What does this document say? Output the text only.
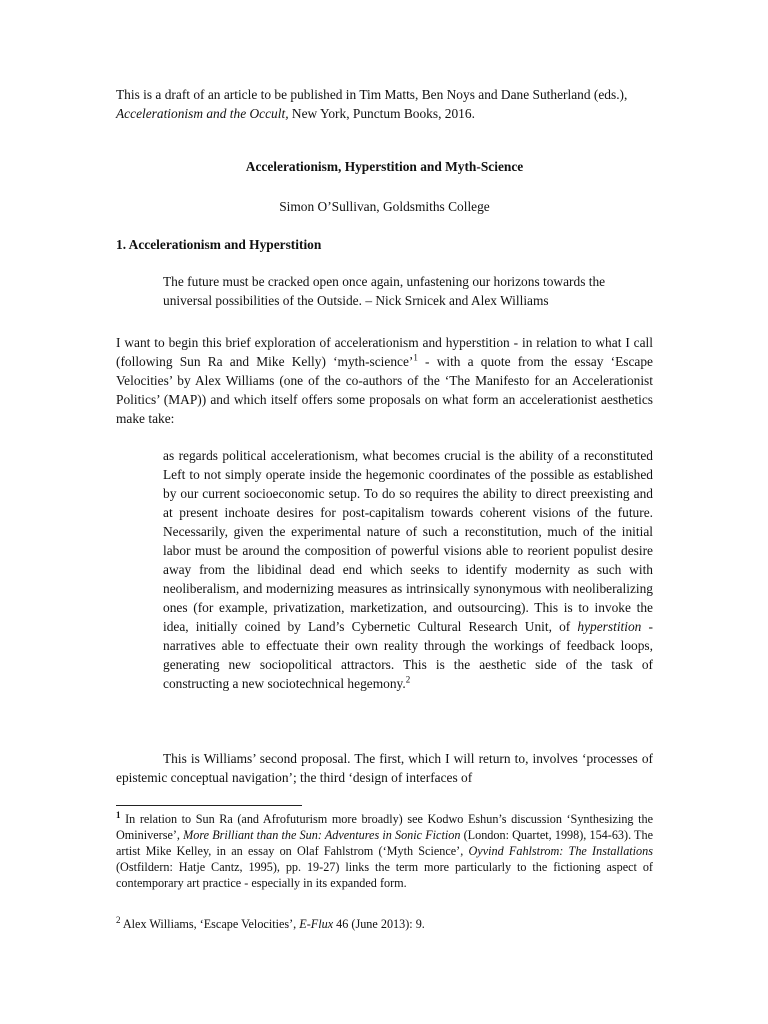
This is a draft of an article to be published in Tim Matts, Ben Noys and Dane Sutherland (eds.), Accelerationism and the Occult, New York, Punctum Books, 2016.
Accelerationism, Hyperstition and Myth-Science
Simon O’Sullivan, Goldsmiths College
1. Accelerationism and Hyperstition
The future must be cracked open once again, unfastening our horizons towards the universal possibilities of the Outside. – Nick Srnicek and Alex Williams
I want to begin this brief exploration of accelerationism and hyperstition - in relation to what I call (following Sun Ra and Mike Kelly) ‘myth-science’$^1$ - with a quote from the essay ‘Escape Velocities’ by Alex Williams (one of the co-authors of the ‘The Manifesto for an Accelerationist Politics’ (MAP)) and which itself offers some proposals on what form an accelerationist aesthetics make take:
as regards political accelerationism, what becomes crucial is the ability of a reconstituted Left to not simply operate inside the hegemonic coordinates of the possible as established by our current socioeconomic setup. To do so requires the ability to direct preexisting and at present inchoate desires for post-capitalism towards coherent visions of the future. Necessarily, given the experimental nature of such a reconstitution, much of the initial labor must be around the composition of powerful visions able to reorient populist desire away from the libidinal dead end which seeks to identify modernity as such with neoliberalism, and modernizing measures as intrinsically synonymous with neoliberalizing ones (for example, privatization, marketization, and outsourcing). This is to invoke the idea, initially coined by Land’s Cybernetic Cultural Research Unit, of hyperstition - narratives able to effectuate their own reality through the workings of feedback loops, generating new sociopolitical attractors. This is the aesthetic side of the task of constructing a new sociotechnical hegemony.$^2$
This is Williams’ second proposal. The first, which I will return to, involves ‘processes of epistemic conceptual navigation’; the third ‘design of interfaces of
$^1$ In relation to Sun Ra (and Afrofuturism more broadly) see Kodwo Eshun’s discussion ‘Synthesizing the Ominiverse’, More Brilliant than the Sun: Adventures in Sonic Fiction (London: Quartet, 1998), 154-63). The artist Mike Kelley, in an essay on Olaf Fahlstrom (‘Myth Science’, Oyvind Fahlstrom: The Installations (Ostfildern: Hatje Cantz, 1995), pp. 19-27) links the term more particularly to the fictioning aspect of contemporary art practice - especially in its expanded form.
$^2$ Alex Williams, ‘Escape Velocities’, E-Flux 46 (June 2013): 9.
